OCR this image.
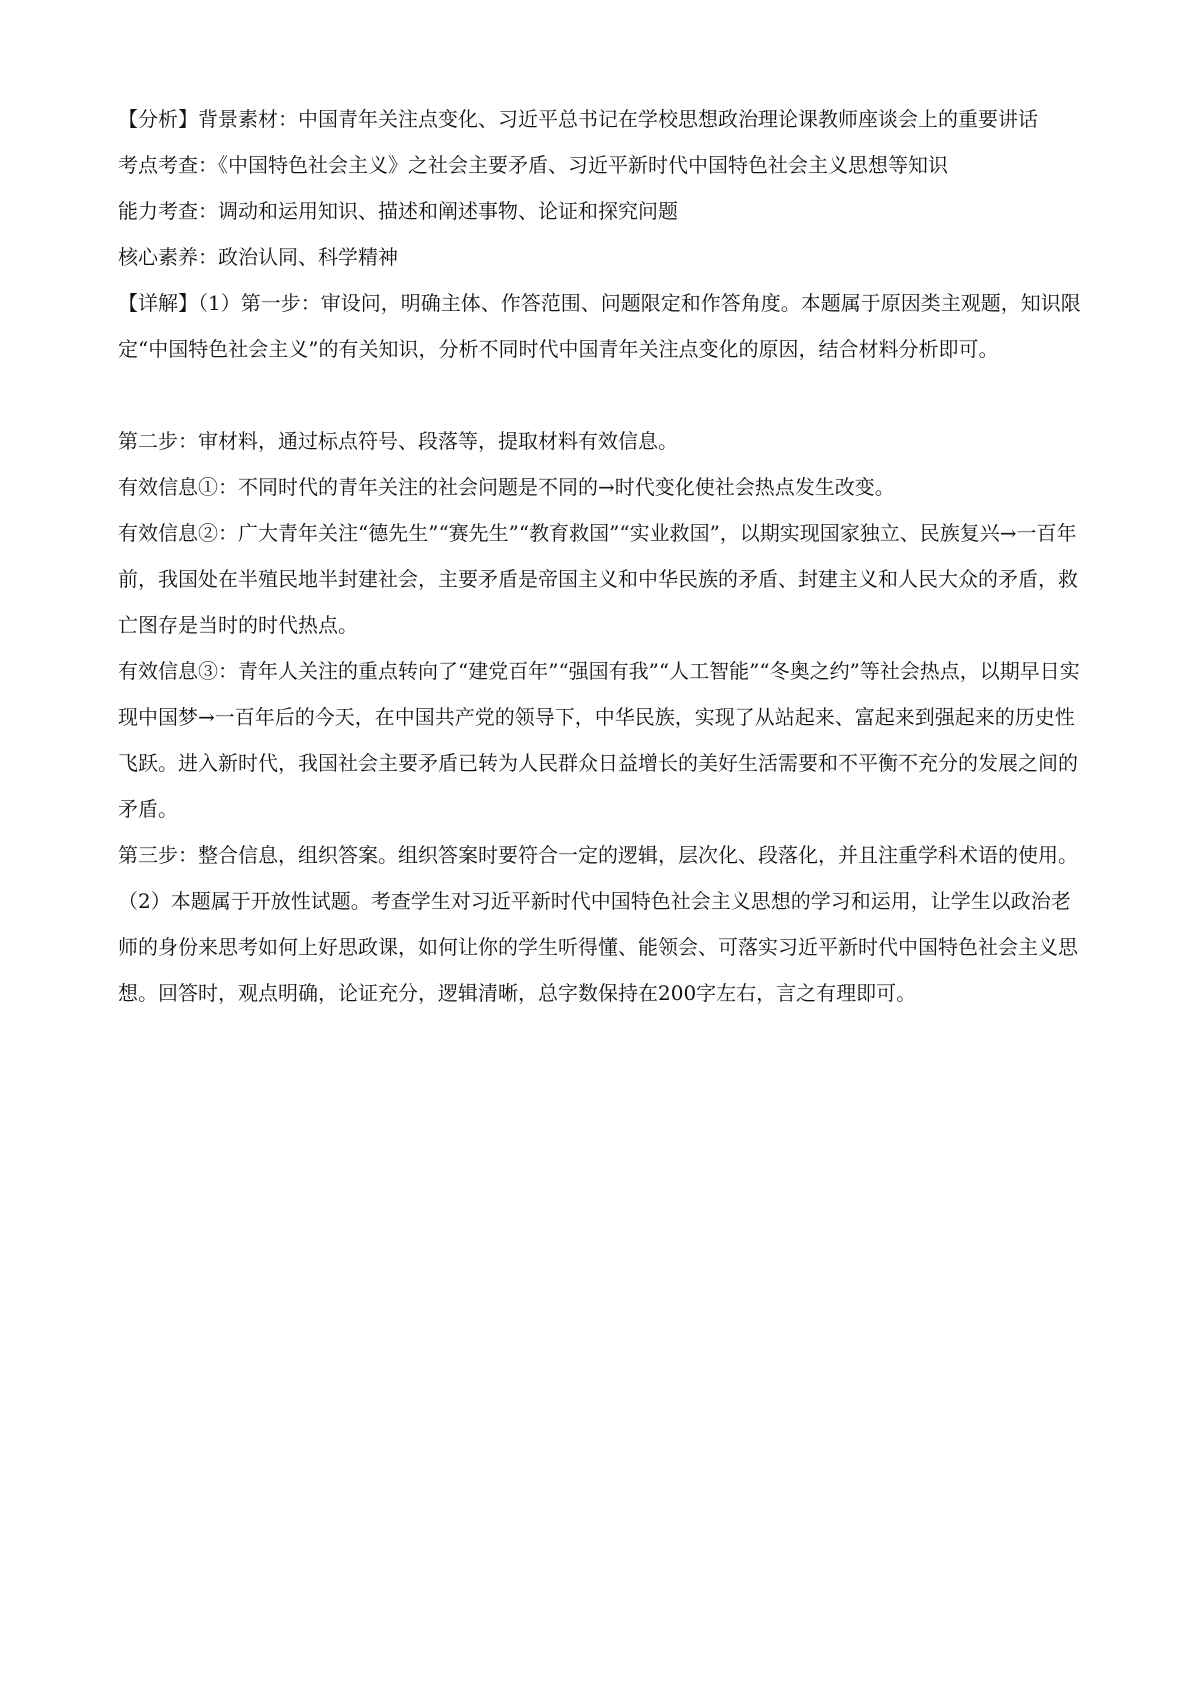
【分析】背景素材：中国青年关注点变化、习近平总书记在学校思想政治理论课教师座谈会上的重要讲话

考点考查：《中国特色社会主义》之社会主要矛盾、习近平新时代中国特色社会主义思想等知识

能力考查：调动和运用知识、描述和阐述事物、论证和探究问题

核心素养：政治认同、科学精神

【详解】（1）第一步：审设问，明确主体、作答范围、问题限定和作答角度。本题属于原因类主观题，知识限定“中国特色社会主义”的有关知识，分析不同时代中国青年关注点变化的原因，结合材料分析即可。

第二步：审材料，通过标点符号、段落等，提取材料有效信息。

有效信息①：不同时代的青年关注的社会问题是不同的→时代变化使社会热点发生改变。

有效信息②：广大青年关注“德先生”“赛先生”“教育救国”“实业救国”，以期实现国家独立、民族复兴→一百年前，我国处在半殖民地半封建社会，主要矛盾是帝国主义和中华民族的矛盾、封建主义和人民大众的矛盾，救亡图存是当时的时代热点。

有效信息③：青年人关注的重点转向了“建党百年”“强国有我”“人工智能”“冬奥之约”等社会热点，以期早日实现中国梦→一百年后的今天，在中国共产党的领导下，中华民族，实现了从站起来、富起来到强起来的历史性飞跃。进入新时代，我国社会主要矛盾已转为人民群众日益增长的美好生活需要和不平衡不充分的发展之间的矛盾。

第三步：整合信息，组织答案。组织答案时要符合一定的逻辑，层次化、段落化，并且注重学科术语的使用。

（2）本题属于开放性试题。考查学生对习近平新时代中国特色社会主义思想的学习和运用，让学生以政治老师的身份来思考如何上好思政课，如何让你的学生听得懂、能领会、可落实习近平新时代中国特色社会主义思想。回答时，观点明确，论证充分，逻辑清晰，总字数保持在200字左右，言之有理即可。
